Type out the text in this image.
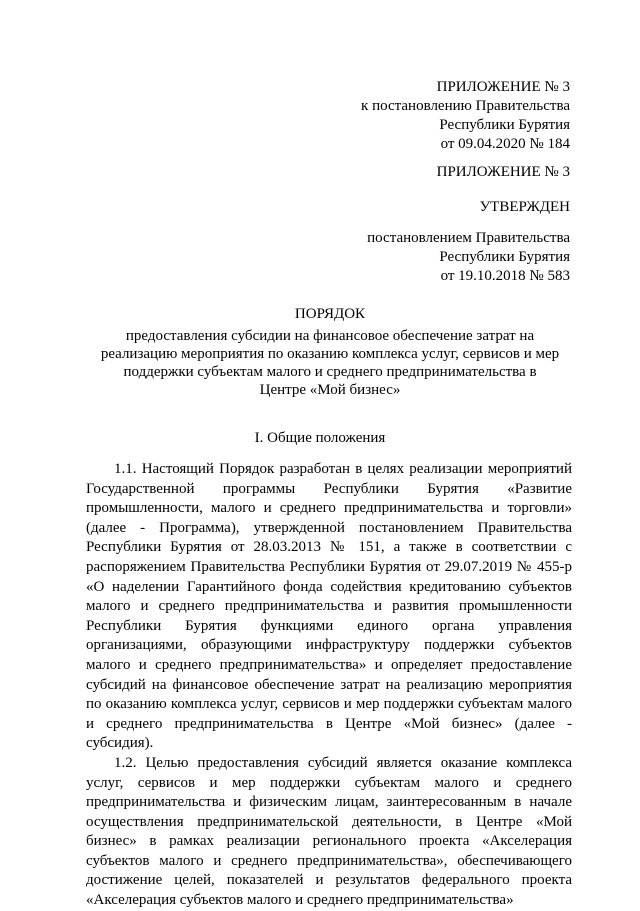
ПРИЛОЖЕНИЕ № 3
к постановлению Правительства
Республики Бурятия
от 09.04.2020 № 184
ПРИЛОЖЕНИЕ № 3
УТВЕРЖДЕН
постановлением Правительства
Республики Бурятия
от 19.10.2018 № 583
ПОРЯДОК
предоставления субсидии на финансовое обеспечение затрат на реализацию мероприятия по оказанию комплекса услуг, сервисов и мер поддержки субъектам малого и среднего предпринимательства в Центре «Мой бизнес»
I. Общие положения

1.1. Настоящий Порядок разработан в целях реализации мероприятий Государственной программы Республики Бурятия «Развитие промышленности, малого и среднего предпринимательства и торговли» (далее - Программа), утвержденной постановлением Правительства Республики Бурятия от 28.03.2013 № 151, а также в соответствии с распоряжением Правительства Республики Бурятия от 29.07.2019 № 455-р «О наделении Гарантийного фонда содействия кредитованию субъектов малого и среднего предпринимательства и развития промышленности Республики Бурятия функциями единого органа управления организациями, образующими инфраструктуру поддержки субъектов малого и среднего предпринимательства» и определяет предоставление субсидий на финансовое обеспечение затрат на реализацию мероприятия по оказанию комплекса услуг, сервисов и мер поддержки субъектам малого и среднего предпринимательства в Центре «Мой бизнес» (далее - субсидия).

1.2. Целью предоставления субсидий является оказание комплекса услуг, сервисов и мер поддержки субъектам малого и среднего предпринимательства и физическим лицам, заинтересованным в начале осуществления предпринимательской деятельности, в Центре «Мой бизнес» в рамках реализации регионального проекта «Акселерация субъектов малого и среднего предпринимательства», обеспечивающего достижение целей, показателей и результатов федерального проекта «Акселерация субъектов малого и среднего предпринимательства»
